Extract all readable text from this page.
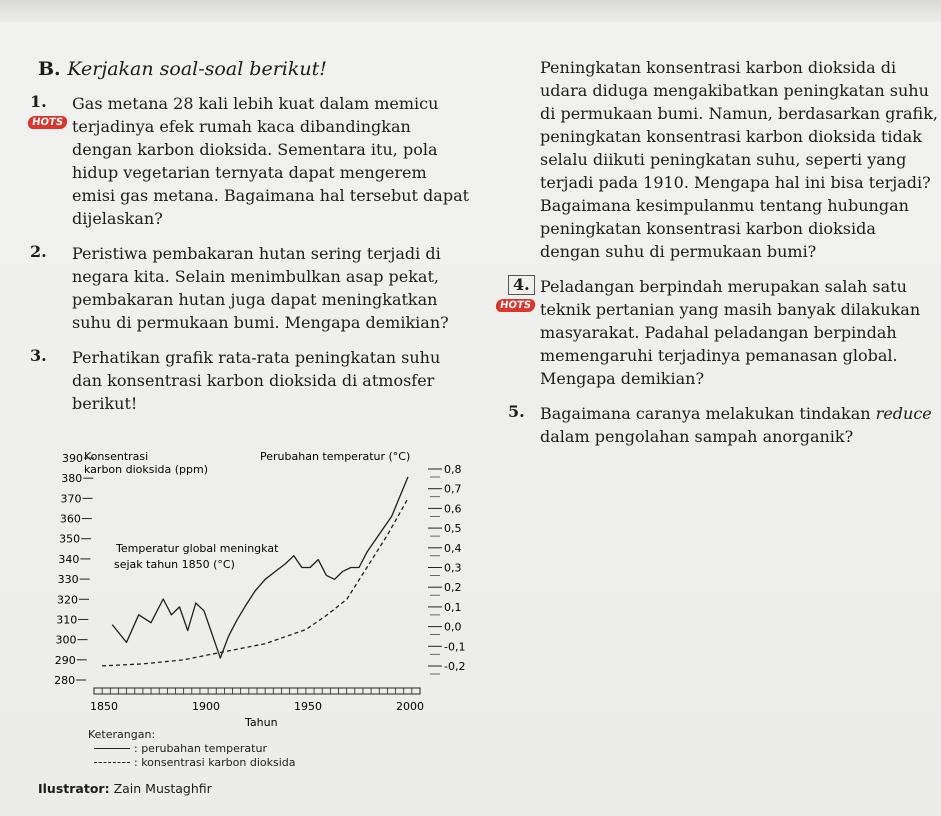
B. Kerjakan soal-soal berikut!
1.
HOTS
Gas metana 28 kali lebih kuat dalam memicu terjadinya efek rumah kaca dibandingkan dengan karbon dioksida. Sementara itu, pola hidup vegetarian ternyata dapat mengerem emisi gas metana. Bagaimana hal tersebut dapat dijelaskan?
2.	Peristiwa pembakaran hutan sering terjadi di negara kita. Selain menimbulkan asap pekat, pembakaran hutan juga dapat meningkatkan suhu di permukaan bumi. Mengapa demikian?
3.	Perhatikan grafik rata-rata peningkatan suhu dan konsentrasi karbon dioksida di atmosfer berikut!
Konsentrasi
karbon dioksida (ppm)
Perubahan temperatur (°C)
Temperatur global meningkat
sejak tahun 1850 (°C)
Tahun
390
380
370
360
350
340
330
320
310
300
290
280
0,8
0,7
0,6
0,5
0,4
0,3
0,2
0,1
0,0
-0,1
-0,2
1850	1900	1950	2000
Keterangan:
: perubahan temperatur
: konsentrasi karbon dioksida
Ilustrator: Zain Mustaghfir
Peningkatan konsentrasi karbon dioksida di udara diduga mengakibatkan peningkatan suhu di permukaan bumi. Namun, berdasarkan grafik, peningkatan konsentrasi karbon dioksida tidak selalu diikuti peningkatan suhu, seperti yang terjadi pada 1910. Mengapa hal ini bisa terjadi? Bagaimana kesimpulanmu tentang hubungan peningkatan konsentrasi karbon dioksida dengan suhu di permukaan bumi?
4.
HOTS
Peladangan berpindah merupakan salah satu teknik pertanian yang masih banyak dilakukan masyarakat. Padahal peladangan berpindah memengaruhi terjadinya pemanasan global. Mengapa demikian?
5. Bagaimana caranya melakukan tindakan reduce dalam pengolahan sampah anorganik?
